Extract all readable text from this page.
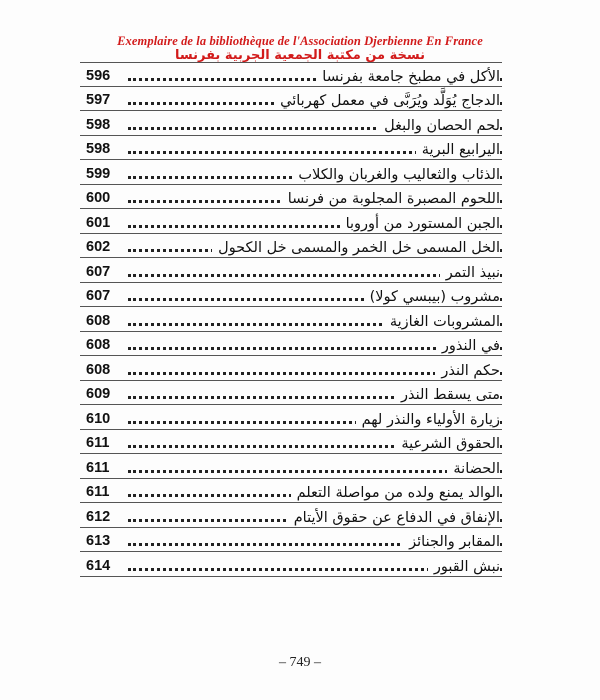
Exemplaire de la bibliothèque de l'Association Djerbienne En France
نسخة من مكتبة الجمعية الجربية بفرنسا
596	الأكل في مطبخ جامعة بفرنسا
597	الدجاج يُوَلَّد ويُرَبَّى في معمل كهربائي
598	لحم الحصان والبغل
598	اليرابيع البرية
599	الذئاب والثعاليب والغربان والكلاب
600	اللحوم المصبرة المجلوبة من فرنسا
601	الجبن المستورد من أوروبا
602	الخل المسمى خل الخمر والمسمى خل الكحول
607	نبيذ التمر
607	مشروب (بيبسي كولا)
608	المشروبات الغازية
608	في النذور
608	حكم النذر
609	متى يسقط النذر
610	زيارة الأولياء والنذر لهم
611	الحقوق الشرعية
611	الحضانة
611	الوالد يمنع ولده من مواصلة التعلم
612	الإنفاق في الدفاع عن حقوق الأيتام
613	المقابر والجنائز
614	نبش القبور
– 749 –
